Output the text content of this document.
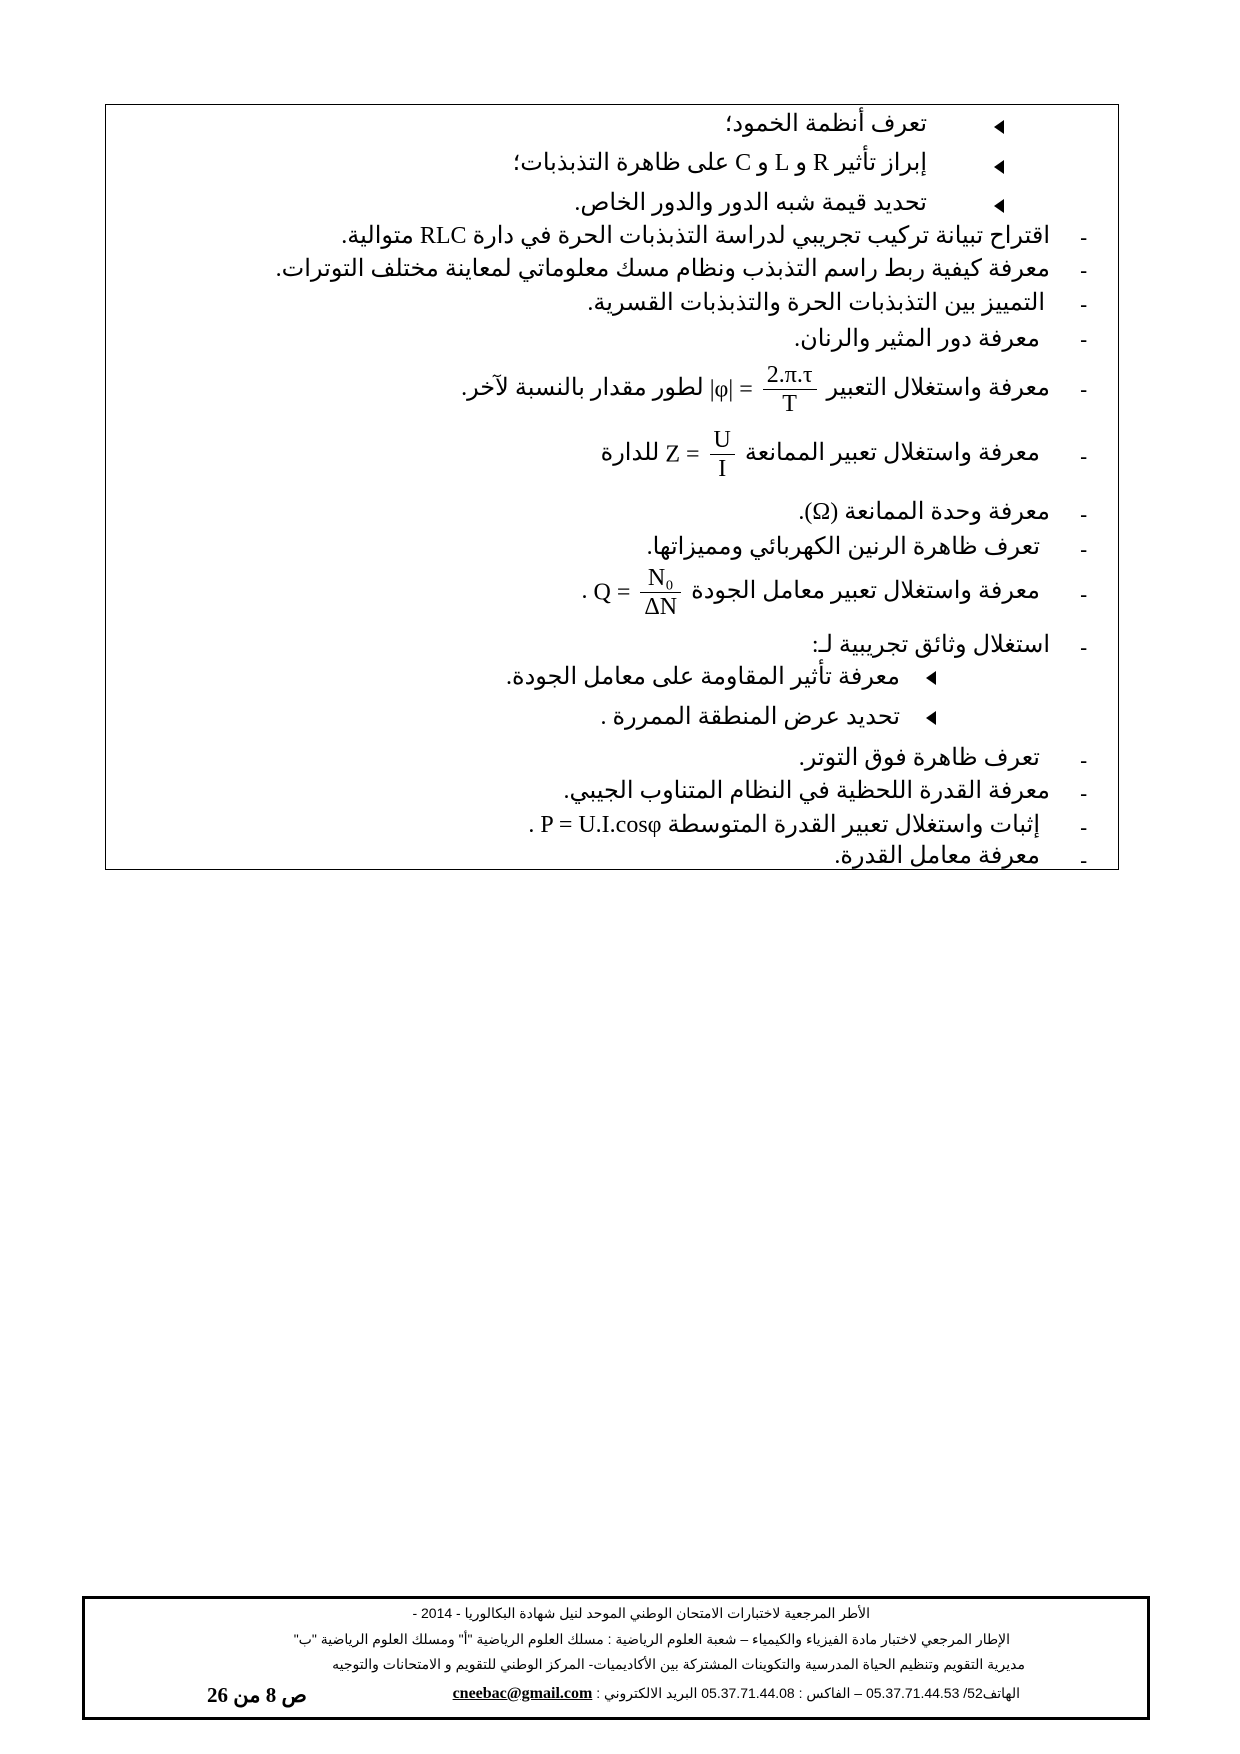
تعرف أنظمة الخمود؛
إبراز تأثير R و L و C على ظاهرة التذبذبات؛
تحديد قيمة شبه الدور والدور الخاص.
-
اقتراح تبيانة تركيب تجريبي لدراسة التذبذبات الحرة في دارة RLC متوالية.
-
معرفة كيفية ربط راسم التذبذب ونظام مسك معلوماتي لمعاينة مختلف التوترات.
-
التمييز بين التذبذبات الحرة والتذبذبات القسرية.
-
معرفة دور المثير والرنان.
-
معرفة واستغلال التعبير $|\varphi| = \frac{2.\pi.\tau}{T}$
لطور مقدار بالنسبة لآخر.
-
معرفة واستغلال تعبير الممانعة $Z = \frac{U}{I}$
للدارة
-
معرفة وحدة الممانعة (Ω).
-
تعرف ظاهرة الرنين الكهربائي ومميزاتها.
-
معرفة واستغلال تعبير معامل الجودة $Q = \frac{\text{N₀}}{\Delta N}$
.
-
استغلال وثائق تجريبية لـ:
معرفة تأثير المقاومة على معامل الجودة.
تحديد عرض المنطقة الممررة .
-
تعرف ظاهرة فوق التوتر.
-
معرفة القدرة اللحظية في النظام المتناوب الجيبي.
-
إثبات واستغلال تعبير القدرة المتوسطة P = U.I.cosφ .
-
معرفة معامل القدرة.
الأطر المرجعية لاختبارات الامتحان الوطني الموحد لنيل شهادة البكالوريا - 2014 -
الإطار المرجعي لاختبار مادة الفيزياء والكيمياء – شعبة العلوم الرياضية : مسلك العلوم الرياضية "أ" ومسلك العلوم الرياضية "ب"
مديرية التقويم وتنظيم الحياة المدرسية والتكوينات المشتركة بين الأكاديميات- المركز الوطني للتقويم و الامتحانات والتوجيه
الهاتف52/ 05.37.71.44.53 – الفاكس : 05.37.71.44.08 البريد الالكتروني : cneebac@gmail.com
ص 8 من 26
